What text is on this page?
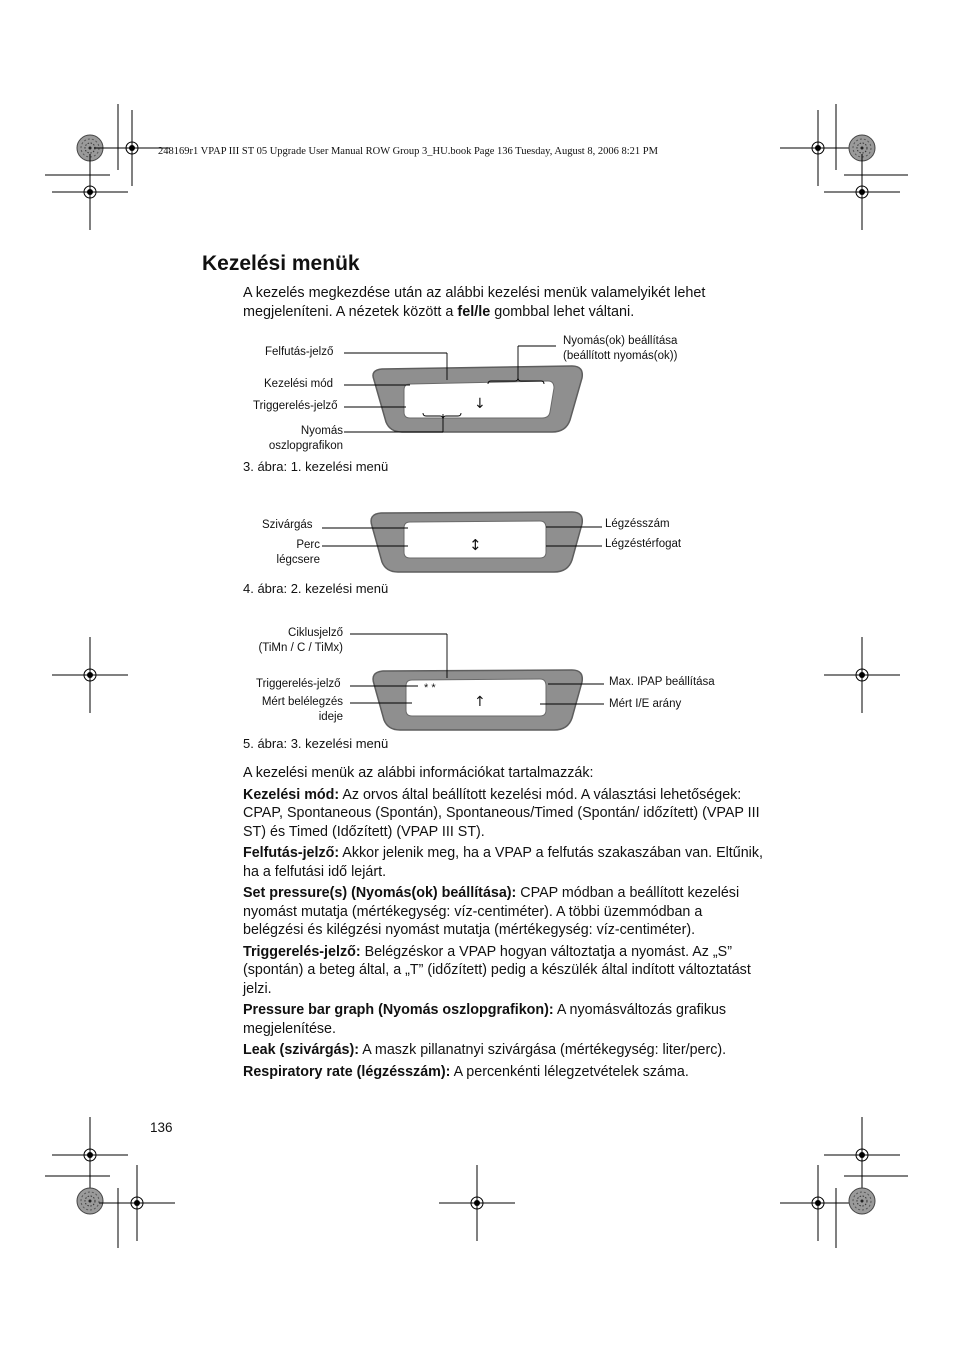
248169r1 VPAP III ST 05 Upgrade User Manual ROW Group 3_HU.book Page 136 Tuesday, August 8, 2006 8:21 PM
Kezelési menük
A kezelés megkezdése után az alábbi kezelési menük valamelyikét lehet megjeleníteni. A nézetek között a fel/le gombbal lehet váltani.
Felfutás-jelző
Kezelési mód
Triggerelés-jelző
Nyomás
oszlopgrafikon
Nyomás(ok) beállítása
(beállított nyomás(ok))
↓
3. ábra: 1. kezelési menü
Szivárgás
Perc
légcsere
Légzésszám
Légzéstérfogat
↕
4. ábra: 2. kezelési menü
Ciklusjelző
(TiMn / C / TiMx)
Triggerelés-jelző
Mért belélegzés
ideje
Max. IPAP beállítása
Mért I/E arány
* *
↑
5. ábra: 3. kezelési menü

A kezelési menük az alábbi információkat tartalmazzák:

Kezelési mód: Az orvos által beállított kezelési mód. A választási lehetőségek: CPAP, Spontaneous (Spontán), Spontaneous/Timed (Spontán/ időzített) (VPAP III ST) és Timed (Időzített) (VPAP III ST).

Felfutás-jelző: Akkor jelenik meg, ha a VPAP a felfutás szakaszában van. Eltűnik, ha a felfutási idő lejárt.

Set pressure(s) (Nyomás(ok) beállítása): CPAP módban a beállított kezelési nyomást mutatja (mértékegység: víz-centiméter). A többi üzemmódban a belégzési és kilégzési nyomást mutatja (mértékegység: víz-centiméter).

Triggerelés-jelző: Belégzéskor a VPAP hogyan változtatja a nyomást. Az „S” (spontán) a beteg által, a „T” (időzített) pedig a készülék által indított változtatást jelzi.

Pressure bar graph (Nyomás oszlopgrafikon): A nyomásváltozás grafikus megjelenítése.

Leak (szivárgás): A maszk pillanatnyi szivárgása (mértékegység: liter/perc).

Respiratory rate (légzésszám): A percenkénti lélegzetvételek száma.

136
